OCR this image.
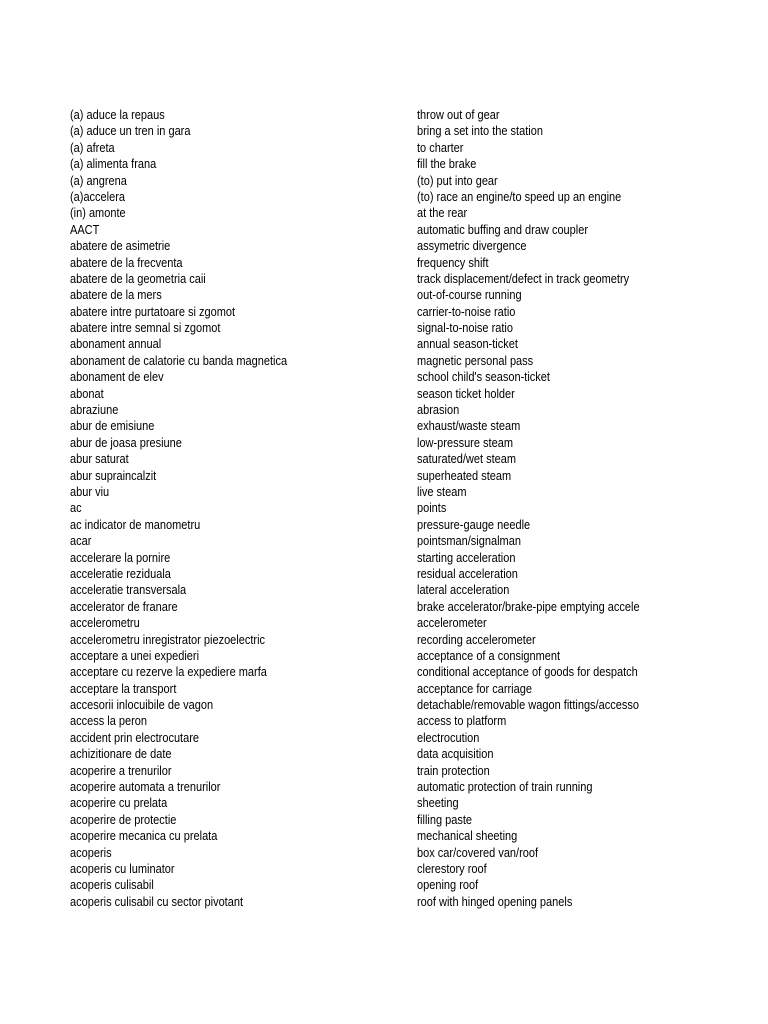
(a) aduce la repaus	throw out of gear
(a) aduce un tren in gara	bring a set into the station
(a) afreta	to charter
(a) alimenta frana	fill the brake
(a) angrena	(to) put into gear
(a)accelera	(to) race an engine/to speed up an engine
(in) amonte	at the rear
AACT	automatic buffing and draw coupler
abatere de asimetrie	assymetric divergence
abatere de la frecventa	frequency shift
abatere de la geometria caii	track displacement/defect in track geometry
abatere de la mers	out-of-course running
abatere intre purtatoare si zgomot	carrier-to-noise ratio
abatere intre semnal si zgomot	signal-to-noise ratio
abonament annual	annual season-ticket
abonament de calatorie cu banda magnetica	magnetic personal pass
abonament de elev	school child's season-ticket
abonat	season ticket holder
abraziune	abrasion
abur de emisiune	exhaust/waste steam
abur de joasa presiune	low-pressure steam
abur saturat	saturated/wet steam
abur supraincalzit	superheated steam
abur viu	live steam
ac	points
ac indicator de manometru	pressure-gauge needle
acar	pointsman/signalman
accelerare la pornire	starting acceleration
acceleratie reziduala	residual acceleration
acceleratie transversala	lateral acceleration
accelerator de franare	brake accelerator/brake-pipe emptying accele
accelerometru	accelerometer
accelerometru inregistrator piezoelectric	recording accelerometer
acceptare a unei expedieri	acceptance of a consignment
acceptare cu rezerve la expediere marfa	conditional acceptance of goods for despatch
acceptare la transport	acceptance for carriage
accesorii inlocuibile de vagon	detachable/removable wagon fittings/accesso
access la peron	access to platform
accident prin electrocutare	electrocution
achizitionare de date	data acquisition
acoperire a trenurilor	train protection
acoperire automata a trenurilor	automatic protection of train running
acoperire cu prelata	sheeting
acoperire de protectie	filling paste
acoperire mecanica cu prelata	mechanical sheeting
acoperis	box car/covered van/roof
acoperis cu luminator	clerestory roof
acoperis culisabil	opening roof
acoperis culisabil cu sector pivotant	roof with hinged opening panels
